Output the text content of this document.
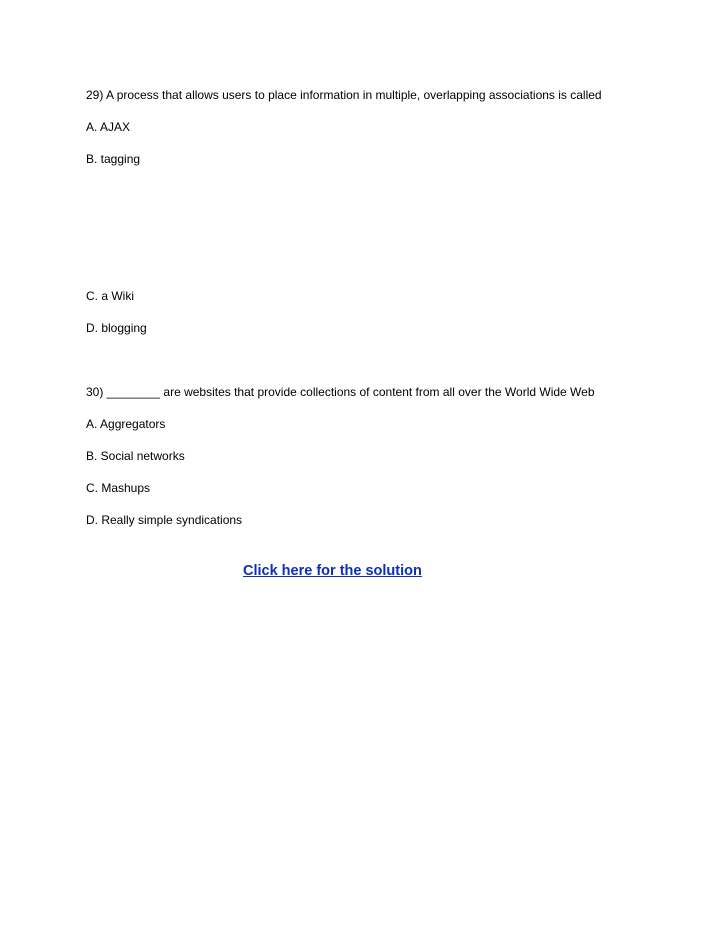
29) A process that allows users to place information in multiple, overlapping associations is called
A. AJAX
B. tagging
C. a Wiki
D. blogging
30) ________ are websites that provide collections of content from all over the World Wide Web
A. Aggregators
B. Social networks
C. Mashups
D. Really simple syndications
Click here for the solution
